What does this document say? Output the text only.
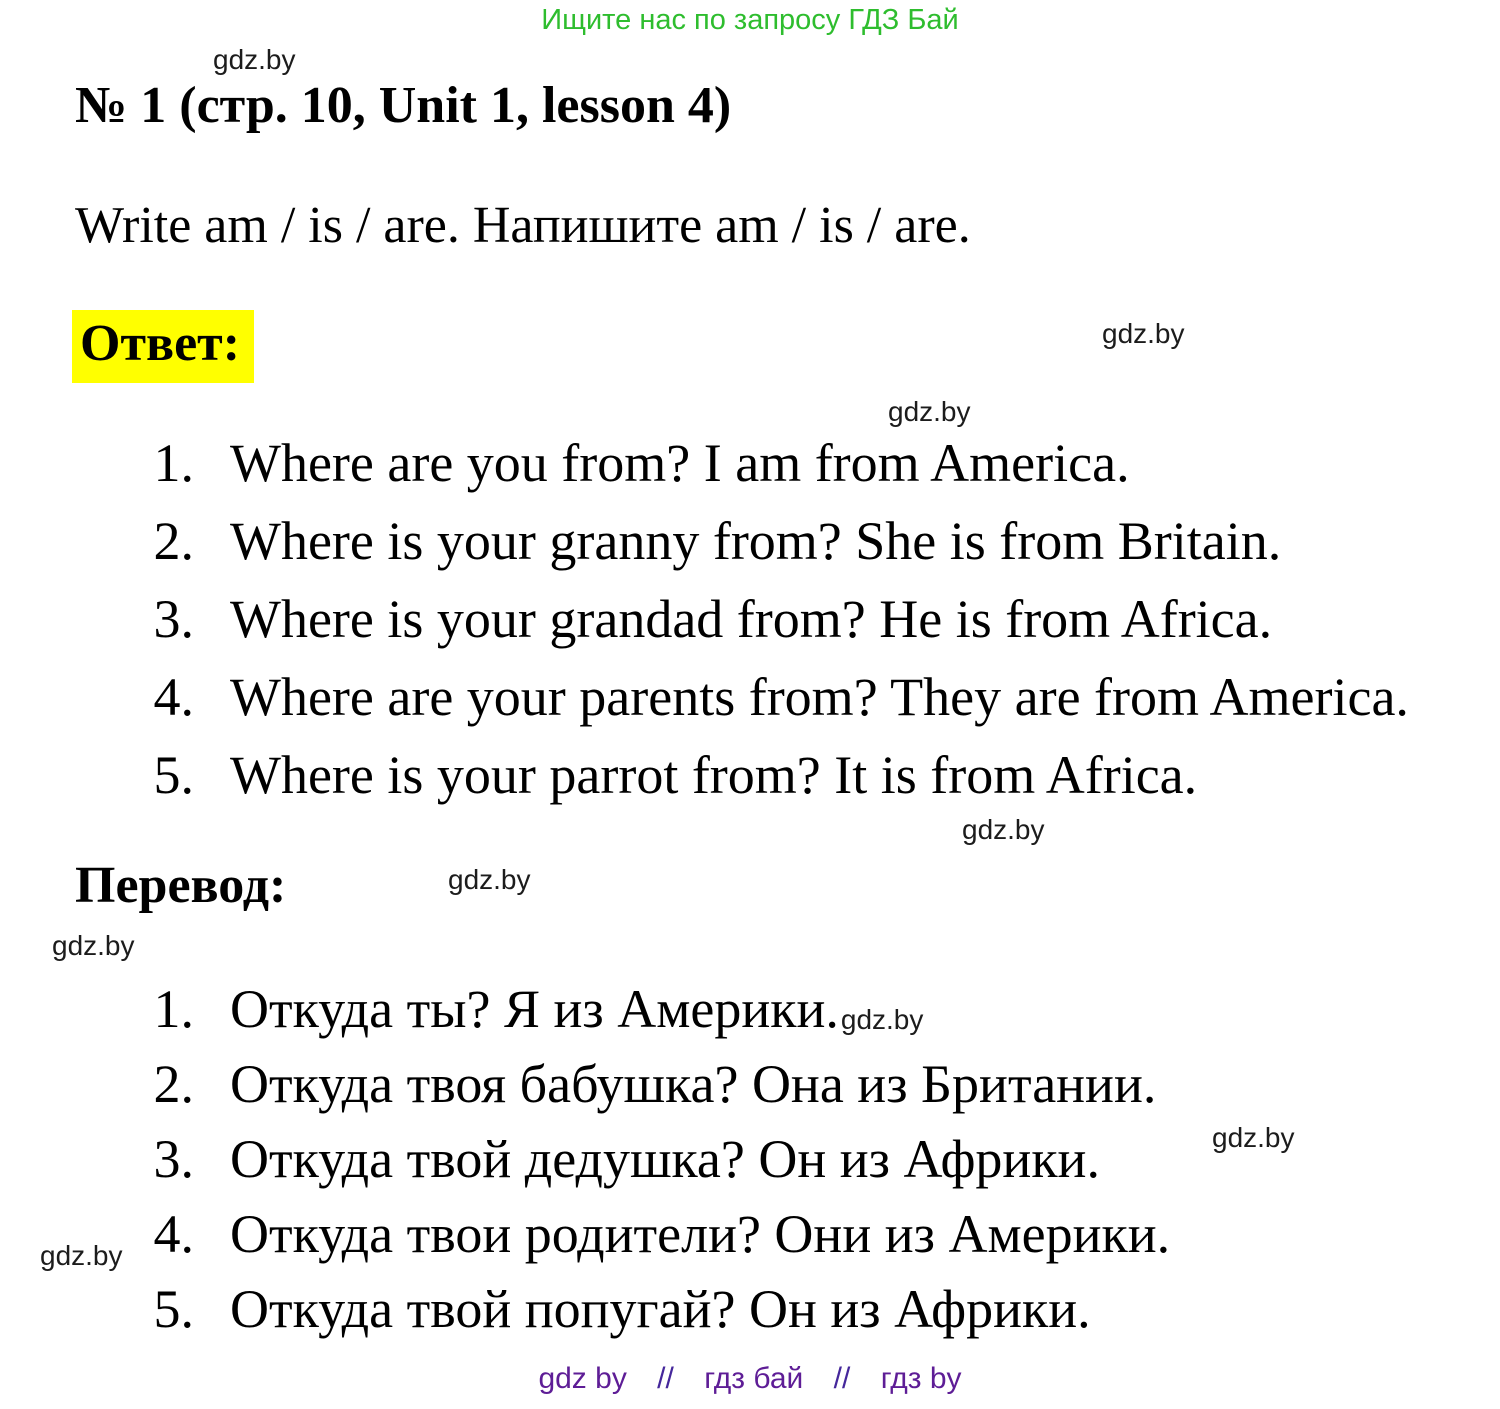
Ищите нас по запросу ГДЗ Бай
gdz.by
gdz.by
gdz.by
gdz.by
gdz.by
gdz.by
gdz.by
gdz.by
№ 1 (стр. 10, Unit 1, lesson 4)
Write am / is / are. Напишите am / is / are.
Ответ:
1. Where are you from? I am from America.
2. Where is your granny from? She is from Britain.
3. Where is your grandad from? He is from Africa.
4. Where are your parents from? They are from America.
5. Where is your parrot from? It is from Africa.
Перевод:
1. Откуда ты? Я из Америки. gdz.by
2. Откуда твоя бабушка? Она из Британии.
3. Откуда твой дедушка? Он из Африки.
4. Откуда твои родители? Они из Америки.
5. Откуда твой попугай? Он из Африки.
gdz by // гдз бай // гдз by
